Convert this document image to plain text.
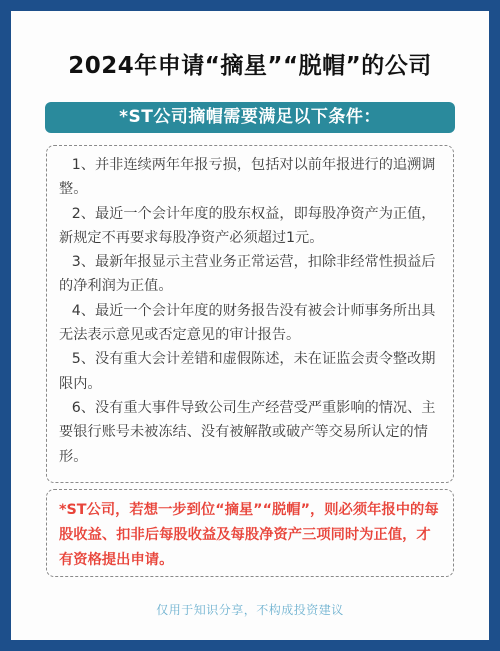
2024年申请“摘星”“脱帽”的公司
*ST公司摘帽需要满足以下条件：
1、并非连续两年年报亏损，包括对以前年报进行的追溯调整。
2、最近一个会计年度的股东权益，即每股净资产为正值，新规定不再要求每股净资产必须超过1元。
3、最新年报显示主营业务正常运营，扣除非经常性损益后的净利润为正值。
4、最近一个会计年度的财务报告没有被会计师事务所出具无法表示意见或否定意见的审计报告。
5、没有重大会计差错和虚假陈述，未在证监会责令整改期限内。
6、没有重大事件导致公司生产经营受严重影响的情况、主要银行账号未被冻结、没有被解散或破产等交易所认定的情形。

*ST公司，若想一步到位“摘星”“脱帽”，则必须年报中的每股收益、扣非后每股收益及每股净资产三项同时为正值，才有资格提出申请。

仅用于知识分享，不构成投资建议
